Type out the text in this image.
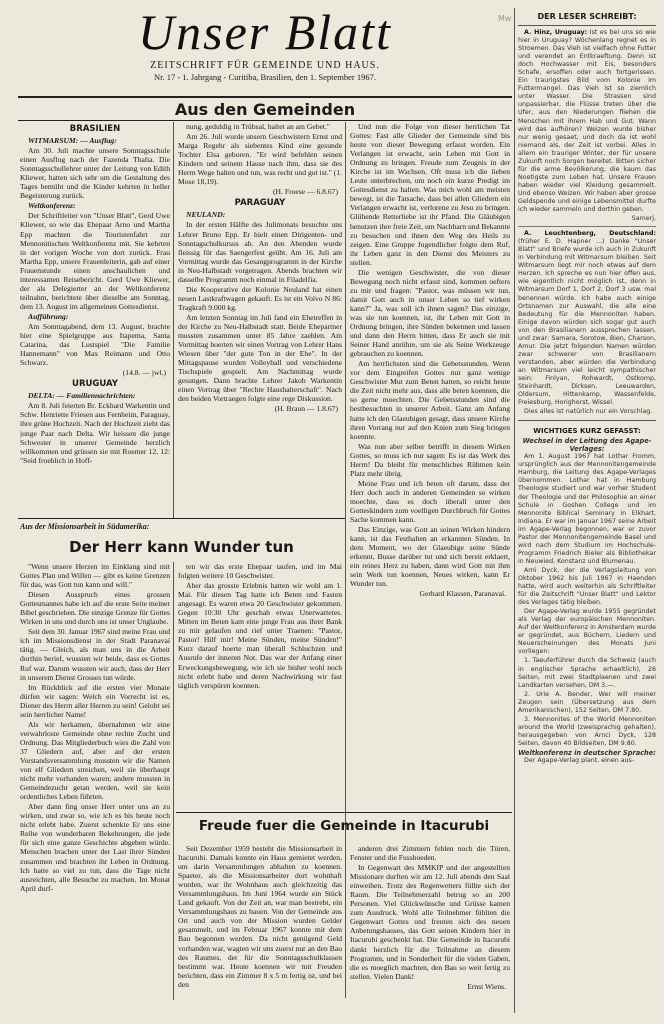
Unser Blatt
ZEITSCHRIFT FÜR GEMEINDE UND HAUS.
Nr. 17 - 1. Jahrgang - Curitiba, Brasilien, den 1. September 1967.
Mw
Aus den Gemeinden
BRASILIEN

WITMARSUM: — Ausflug:

Am 30. Juli machte unsere Sonntagsschule einen Ausflug nach der Fazenda Thalia. Die Sonntagsschullehrer unter der Leitung von Edith Kliewer, hatten sich sehr um die Gestaltung des Tages bemüht und die Kinder kehrten in heller Begeisterung zurück.

Weltkonferenz:

Der Schriftleiter von "Unser Blatt", Gerd Uwe Kliewer, so wie das Ehepaar Arno und Martha Epp machten die Touristenfahrt zur Mennonitischen Weltkonferenz mit. Sie kehrten in der vorigen Woche von dort zurück. Frau Martha Epp, unsere Frauenleiterin, gab auf einer Frauenstunde einen anschaulichen und interessanten Reisebericht. Gerd Uwe Kliewer, der als Delegierter an der Weltkonferenz teilnahm, berichtete über dieselbe am Sonntag, dem 13. August im allgemeinen Gottesdienst.

Aufführung:

Am Sonntagabend, dem 13. August, brachte hier eine Spielgruppe aus Itapema, Santa Catarina, das Lustspiel "Die Familie Hannemann" von Max Reimann und Otto Schwarz.

(14.8. — jwl.)
URUGUAY

DELTA: — Familiennachrichten:

Am 8. Juli feierten Br. Eckhard Warkentin und Schw. Henriette Friesen aus Fernheim, Paraguay, ihre grüne Hochzeit. Nach der Hochzeit zieht das junge Paar nach Delta. Wir heissen die junge Schwester in unserer Gemeinde herzlich willkommen und grüssen sie mit Roemer 12, 12: "Seid froehlich in Hoff-

nung, geduldig in Trübsal, haltet an am Gebet."

Am 26. Juli wurde unsern Geschwistern Ernst und Marga Regehr als siebentes Kind eine gesunde Tochter Elsa geboren. "Er wird befehlen seinen Kindern und seinem Hause nach ihm, dass sie des Herrn Wege halten und tun, was recht und gut ist." (1. Mose 18,19).

(H. Froese — 6.8.67)
PARAGUAY

NEULAND:

In der ersten Hälfte des Julimonats besuchte uns Lehrer Bruno Epp. Er hielt einen Dirigenten- und Sonntagschulkursus ab. An den Abenden wurde fleissig für das Saengerfest geübt. Am 16. Juli am Vormittag wurde das Gesangprogramm in der Kirche in Neu-Halbstadt vorgetragen. Abends brachten wir dasselbe Programm noch einmal in Filadelfia.

Die Kooperative der Kolonie Neuland hat einen neuen Lastkraftwagen gekauft. Es ist ein Volvo N 86: Tragkraft 9.000 kg.

Am letzten Sonntag im Juli fand ein Ehetreffen in der Kirche zu Neu-Halbstadt statt. Beide Ehepartner mussten zusammen unter 85 Jahre zaehlen. Am Vormittag hoerten wir einen Vortrag von Lehrer Hans Wiesen über "der gute Ton in der Ehe". In der Mittagspause wurden Volleyball und verschiedene Tischspiele gespielt. Am Nachmittag wurde gesungen. Dann brachte Lehrer Jakob Warkentin einen Vortrag über "Rechte Haushalterschaft". Nach den beiden Vortraegen folgte eine rege Diskussion.

(H. Braun — 1.8.67)

Und nun die Folge von dieser herrlichen Tat Gottes: Fast alle Glieder der Gemeinde sind bis heute von dieser Bewegung erfasst worden. Ein Verlangen ist erwacht, sein Leben mit Gott in Ordnung zu bringen. Freude zum Zeugnis in der Kirche ist im Wachsen. Oft muss ich die lieben Leute unterbrechen, um noch ein kurze Predigt im Gottesdienst zu halten. Was mich wohl am meisten bewegt, ist die Tatsache, dass bei allen Gliedern ein Verlangen erwacht ist, verlorene zu Jesu zu bringen. Glühende Retterliebe ist ihr Pfand. Die Gläubigen benutzen ihre freie Zeit, um Nachbarn und Bekannte zu besuchen und ihnen den Weg des Heils zu zeigen. Eine Gruppe Jugendlicher folgte dem Ruf, ihr Leben ganz in den Dienst des Meisters zu stellen.

Die wenigen Geschwister, die von dieser Bewegung noch nicht erfasst sind, kommen oefters zu mir und fragen: "Pastor, was müssen wir tun, damit Gott auch in unser Leben so tief wirken kann?" Ja, was soll ich ihnen sagen? Das einzige, was sie tun koennen, ist, ihr Leben mit Gott in Ordnung bringen, ihre Sünden bekennen und lassen und dann den Herrn bitten, dass Er auch sie mit Seiner Hand anrühre, um sie als Seine Werkzeuge gebrauchen zu koennen.

Am herrlichsten sind die Gebetsstunden. Wenn vor dem Eingreifen Gottes nur ganz wenige Geschwister Mut zum Beten hatten, so reicht heute die Zeit nicht mehr aus, dass alle beten koennen, die so gerne moechten. Die Gebetsstunden sind die bestbesuchten in unserer Arbeit. Ganz am Anfang hatte ich den Glaeubigen gesagt, dass unsere Kirche ihren Vorrang nur auf den Knien zum Sieg bringen koennte.

Was nun aber selber betrifft in diesem Wirken Gottes, so muss ich nur sagen: Es ist das Werk des Herrn! Da bleibt für menschliches Rühmen kein Platz mehr übrig.

Meine Frau und ich beten oft darum, dass der Herr doch auch in anderen Gemeinden so wirken moechte, dass es doch überall unter den Gotteskindern zum voelligen Durchbruch für Gottes Sache kommen kann.

Das Einzige, was Gott an seinen Wirken hindern kann, ist das Festhalten an erkannten Sünden. In dem Moment, wo der Glaeubige seine Sünde erkennt, Busse darüber tut und sich bereit erklaert, ein reines Herz zu haben, dann wird Gott mit ihm sein Werk tun koennen, Neues wirken, kann Er Wunder tun.

Gerhard Klassen, Paranavaí.
Aus der Missionsarbeit in Südamerika:
Der Herr kann Wunder tun

"Wenn unsere Herzen im Einklang sind mit Gottes Plan und Willen — gibt es keine Grenzen für das, was Gott tun kann und will."

Diesen Ausspruch eines grossen Gottesmannes habe ich auf die erste Seite meiner Bibel geschrieben. Die einzige Grenze für Gottes Wirken in uns und durch uns ist unser Unglaube.

Seit dem 30. Januar 1967 sind meine Frau und ich im Missionsdienst in der Stadt Paranavaí tätig. — Gleich, als man uns in die Arbeit dorthin berief, wussten wir beide, dass es Gottes Ruf war. Darum wussten wir auch, dass der Herr in unserem Dienst Grosses tun würde.

Im Rückblick auf die ersten vier Monate dürfen wir sagen: Welch ein Vorrecht ist es, Diener des Herrn aller Herren zu sein! Gelobt sei sein herrlicher Name!

Als wir herkamen, übernahmen wir eine verwahrloste Gemeinde ohne rechte Zucht und Ordnung. Das Mitgliederbuch wies die Zahl von 37 Gliedern auf, aber auf der ersten Vorstandsversammlung mussten wir die Namen von elf Gliedern streichen, weil sie überhaupt nicht mehr vorhanden waren; andere mussten in Gemeindezucht getan werden, weil sie kein ordentliches Leben führten.

Aber dann fing unser Herr unter uns an zu wirken, und zwar so, wie ich es bis heute noch nicht erlebt habe. Zuerst schenkte Er uns eine Reihe von wunderbaren Bekehrungen, die jede für sich eine ganze Geschichte abgeben würde. Menschen brachen unter der Last ihrer Sünden zusammen und brachten ihr Leben in Ordnung. Ich hatte so viel zu tun, dass die Tage nicht ausreichten, alle Besuche zu machen. Im Monat April durf-

ten wir das erste Ehepaar taufen, und im Mai folgten weitere 10 Geschwister.

Aber das grosste Erlebnis hatten wir wohl am 1. Mai. Für diesen Tag hatte ich Beten und Fasten angesagt. Es waren etwa 20 Geschwister gekommen. Gegen 10:30 Uhr geschah etwas Unerwartetes. Mitten im Beten kam eine junge Frau aus ihrer Bank zu mir gelaufen und rief unter Traenen: "Pastor, Pastor! Hilf mir! Meine Sünden, meine Sünden!" Kurz darauf hoerte man überall Schluchzen und Ausrufe der inneren Not. Das war der Anfang einer Erweckungsbewegung, wie ich sie bisher wohl noch nicht erlebt habe und deren Nachwirkung wir fast täglich verspüren koennen.

Freude fuer die Gemeinde in Itacurubi

Seit Dezember 1959 besteht die Missionsarbeit in Itacurubi. Damals konnte ein Haus gemietet werden, um darin Versammlungen abhalten zu koennen. Spaeter, als die Missionsarbeiter dort wohnhaft wurden, war ihr Wohnhaus auch gleichzeitig das Versammlungshaus. Im Juni 1964 wurde ein Stück Land gekauft. Von der Zeit an, war man bestrebt, ein Versammlungshaus zu bauen. Von der Gemeinde aus Ort und auch von der Mission wurden Gelder gesammelt, und im Februar 1967 konnte mit dem Bau begonnen werden. Da nicht genügend Geld vorhanden war, wagten wir uns zuerst nur an den Bau des Raumes, der für die Sonntagsschulklassen bestimmt war. Heute koennen wir mit Freuden berichten, dass ein Zimmer 8 x 5 m fertig ist, und bei den

anderen drei Zimmern fehlen noch die Türen, Fenster und die Fussboeden.

In Gegenwart des MMKfP und der angestellten Missionare durften wir am 12. Juli abends den Saal einweihen. Trotz des Regenwetters füllte sich der Raum. Die Teilnehmerzahl betrug so an 200 Personen. Viel Glückwünsche und Grüsse kamen zum Ausdruck. Wohl alle Teilnehmer fühlten die Gegenwart Gottes und freuten sich des neuen Anbetungshauses, das Gott seinen Kindern hier in Itacurubi geschenkt hat. Die Gemeinde in Itacurubi dankt herzlich für die Teilnahme an diesem Programm, und in Sonderheit für die vielen Gaben, die es moeglich machten, den Bau so weit fertig zu stellen. Vielen Dank!

Ernst Wiens.
DER LESER SCHREIBT:

A. Hinz, Uruguay: Ist es bei uns so wie hier in Uruguay? Wöchenlang regnet es in Stroemen. Das Vieh ist vielfach ohne Futter und verendet an Entkraeftung. Denn ist doch Hochwasser mit Eis, besonders Schafe, ersoffen oder auch fortgerissen. Ein traurigstes Bild vom Kolonie im Futtermangel. Das Vieh ist so ziemlich unter Wasser. Die Strassen sind unpassierbar, die Flüsse treten über die Ufer, aus den Niederungen fliehen die Menschen mit ihrem Hab und Gut. Wann wird das aufhören? Weizen wurde bisher nur wenig gesaet, und doch da ist wohl niemand als, der Zeit ist vorbei. Alles in allem ein trauriger Winter, der für unsere Zukunft noch Sorgen bereitet. Bitten sicher für die arme Bevölkerung, die kaum das Noetigste zum Leben hat. Unsere Frauen haben wieder viel Kleidung gesammelt. Und ebenso Weizen. Wir haben aber grosse Geldspende und einige Lebensmittel durfte ich wieder sammeln und dorthin geben.

Samerj.

A. Leuchtenberg, Deutschland: (früher E. D. Hapner ...) Danke "Unser Blatt" und Briefe wurde ich auch in Zukunft in Verbindung mit Witmarsum bleiben. Seit Witmarsum liegt mir noch etwas auf dem Herzen. Ich spreche es nun hier offen aus, wie eigentlich nicht möglich ist, denn in Witmarsum Dorf 1, Dorf 2, Dorf 3 usw. mal benennen würde. Ich habe auch einige Ortsnamen zur Auswahl, die alle eine Bedeutung für die Mennoniten haben. Einige davon würden sich sogar gut auch von den Brasilianern aussprechen lassen, und zwar: Samara, Sorotow, Bien, Charson, Amur. Die jetzt folgenden Namen würden zwar schwerer von Brasilianern verstanden, aber würden die Verbindung an Witmarsum viel leicht sympathischer sein: Finlyan, Rohwardt, Ostkomp, Steinhardt, Dirksen, Leeuwarden, Oldersum, Hittenkamp, Wassenfelde, Freiesburg, Horighorst, Wissel.

Dies alles ist natürlich nur ein Vorschlag.

WICHTIGES KURZ GEFASST:
Wechsel in der Leitung des Agape-Verlages:

Am 1. August 1967 hat Lothar Fromm, ursprünglich aus der Mennonitengemeinde Hamburg, die Leitung des Agape-Verlages übernommen. Lothar hat in Hamburg Theologie studiert und war vorher Student der Theologie und der Philosophie an einer Schule in Goshen College und im Mennonite Biblical Seminary in Elkhart, Indiana. Er war im Januar 1967 seine Arbeit im Agape-Verlag begonnen, war er zuvor Pastor der Mennonitengemeinde Basel und wird nach dem Studium im Hochschule-Programm Friedrich Bieler als Bibliothekar in Neuwied, Konstanz und Blumenau.

Arni Dyck, der die Verlagsleitung von Oktober 1962 bis Juli 1967 in Haenden hatte, wird auch weiterhin als Schriftleiter für die Zeitschrift "Unser Blatt" und Lektor des Verlages tätig bleiben.

Der Agape-Verlag wurde 1955 gegründet als Verlag der europäischen Mennoniten. Auf der Weltkonferenz in Amsterdam wurde er gegründet, aus Büchern, Liedern und Neuerscheinungen des Monats Juni vorliegen:

1. Taeuferführer durch die Schweiz (auch in englischer Sprache erhaeltlich), 26 Seiten, mit zwei Stadtplaenen und zwei Landkarten versehen, DM 3.—.

2. Urie A. Bender, Wer will meiner Zeugen sein (Übersetzung aus dem Amerikanischen), 152 Seiten, DM 7.80.

3. Mennonites of the World Mennoniten around the World (zweisprachig gehalten), herausgegeben von Arnci Dyck, 128 Seiten, davon 40 Bildseiten, DM 9.80.

Weltkonferenz in deutscher Sprache:

Der Agape-Verlag plant, einen aus-
